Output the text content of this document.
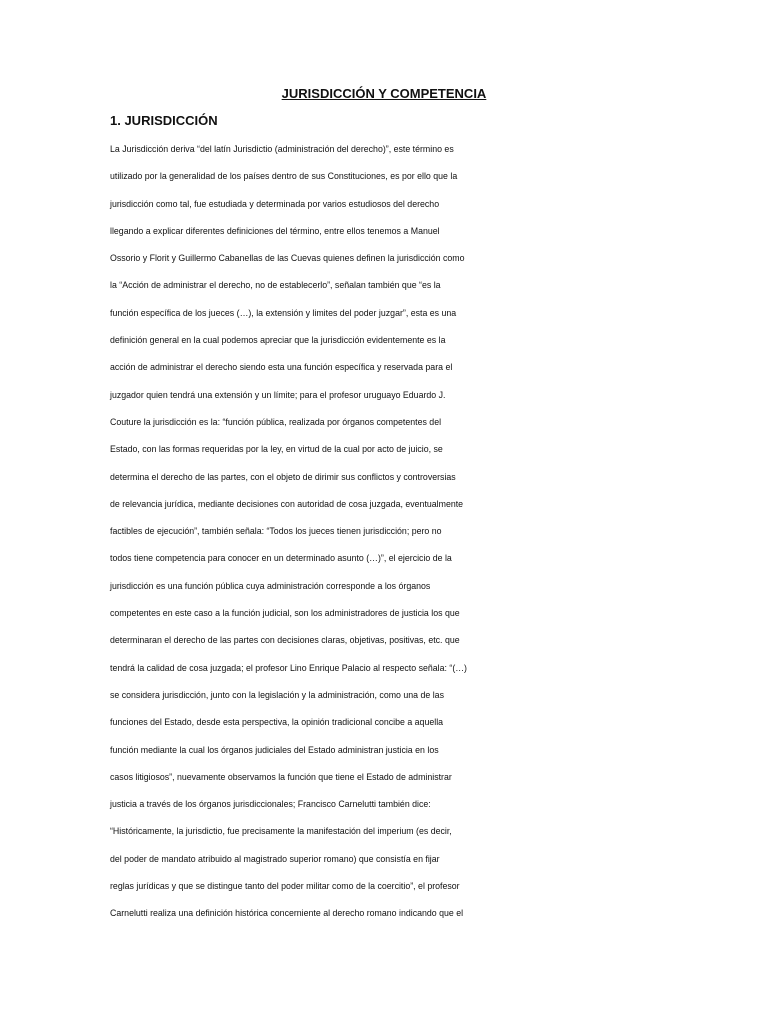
JURISDICCIÓN Y COMPETENCIA
1. JURISDICCIÓN
La Jurisdicción deriva “del latín Jurisdictio (administración del derecho)”, este término es
utilizado por la generalidad de los países dentro de sus Constituciones, es por ello que la
jurisdicción como tal, fue estudiada y determinada por varios estudiosos del derecho
llegando a explicar diferentes definiciones del término, entre ellos tenemos a Manuel
Ossorio y Florit y Guillermo Cabanellas de las Cuevas quienes definen la jurisdicción como
la “Acción de administrar el derecho, no de establecerlo”, señalan también que “es la
función específica de los jueces (…), la extensión y limites del poder juzgar”, esta es una
definición general en la cual podemos apreciar que la jurisdicción evidentemente es la
acción de administrar el derecho siendo esta una función específica y reservada para el
juzgador quien tendrá una extensión y un límite; para el profesor uruguayo Eduardo J.
Couture la jurisdicción es la: “función pública, realizada por órganos competentes del
Estado, con las formas requeridas por la ley, en virtud de la cual por acto de juicio, se
determina el derecho de las partes, con el objeto de dirimir sus conflictos y controversias
de relevancia jurídica, mediante decisiones con autoridad de cosa juzgada, eventualmente
factibles de ejecución”, también señala: “Todos los jueces tienen jurisdicción; pero no
todos tiene competencia para conocer en un determinado asunto (…)”, el ejercicio de la
jurisdicción es una función pública cuya administración corresponde a los órganos
competentes en este caso a la función judicial, son los administradores de justicia los que
determinaran el derecho de las partes con decisiones claras, objetivas, positivas, etc. que
tendrá la calidad de cosa juzgada; el profesor Lino Enrique Palacio al respecto señala: “(…)
se considera jurisdicción, junto con la legislación y la administración, como una de las
funciones del Estado, desde esta perspectiva, la opinión tradicional concibe a aquella
función mediante la cual los órganos judiciales del Estado administran justicia en los
casos litigiosos”, nuevamente observamos la función que tiene el Estado de administrar
justicia a través de los órganos jurisdiccionales; Francisco Carnelutti también dice:
“Históricamente, la jurisdictio, fue precisamente la manifestación del imperium (es decir,
del poder de mandato atribuido al magistrado superior romano) que consistía en fijar
reglas jurídicas y que se distingue tanto del poder militar como de la coercitio”, el profesor
Carnelutti realiza una definición histórica concerniente al derecho romano indicando que el
